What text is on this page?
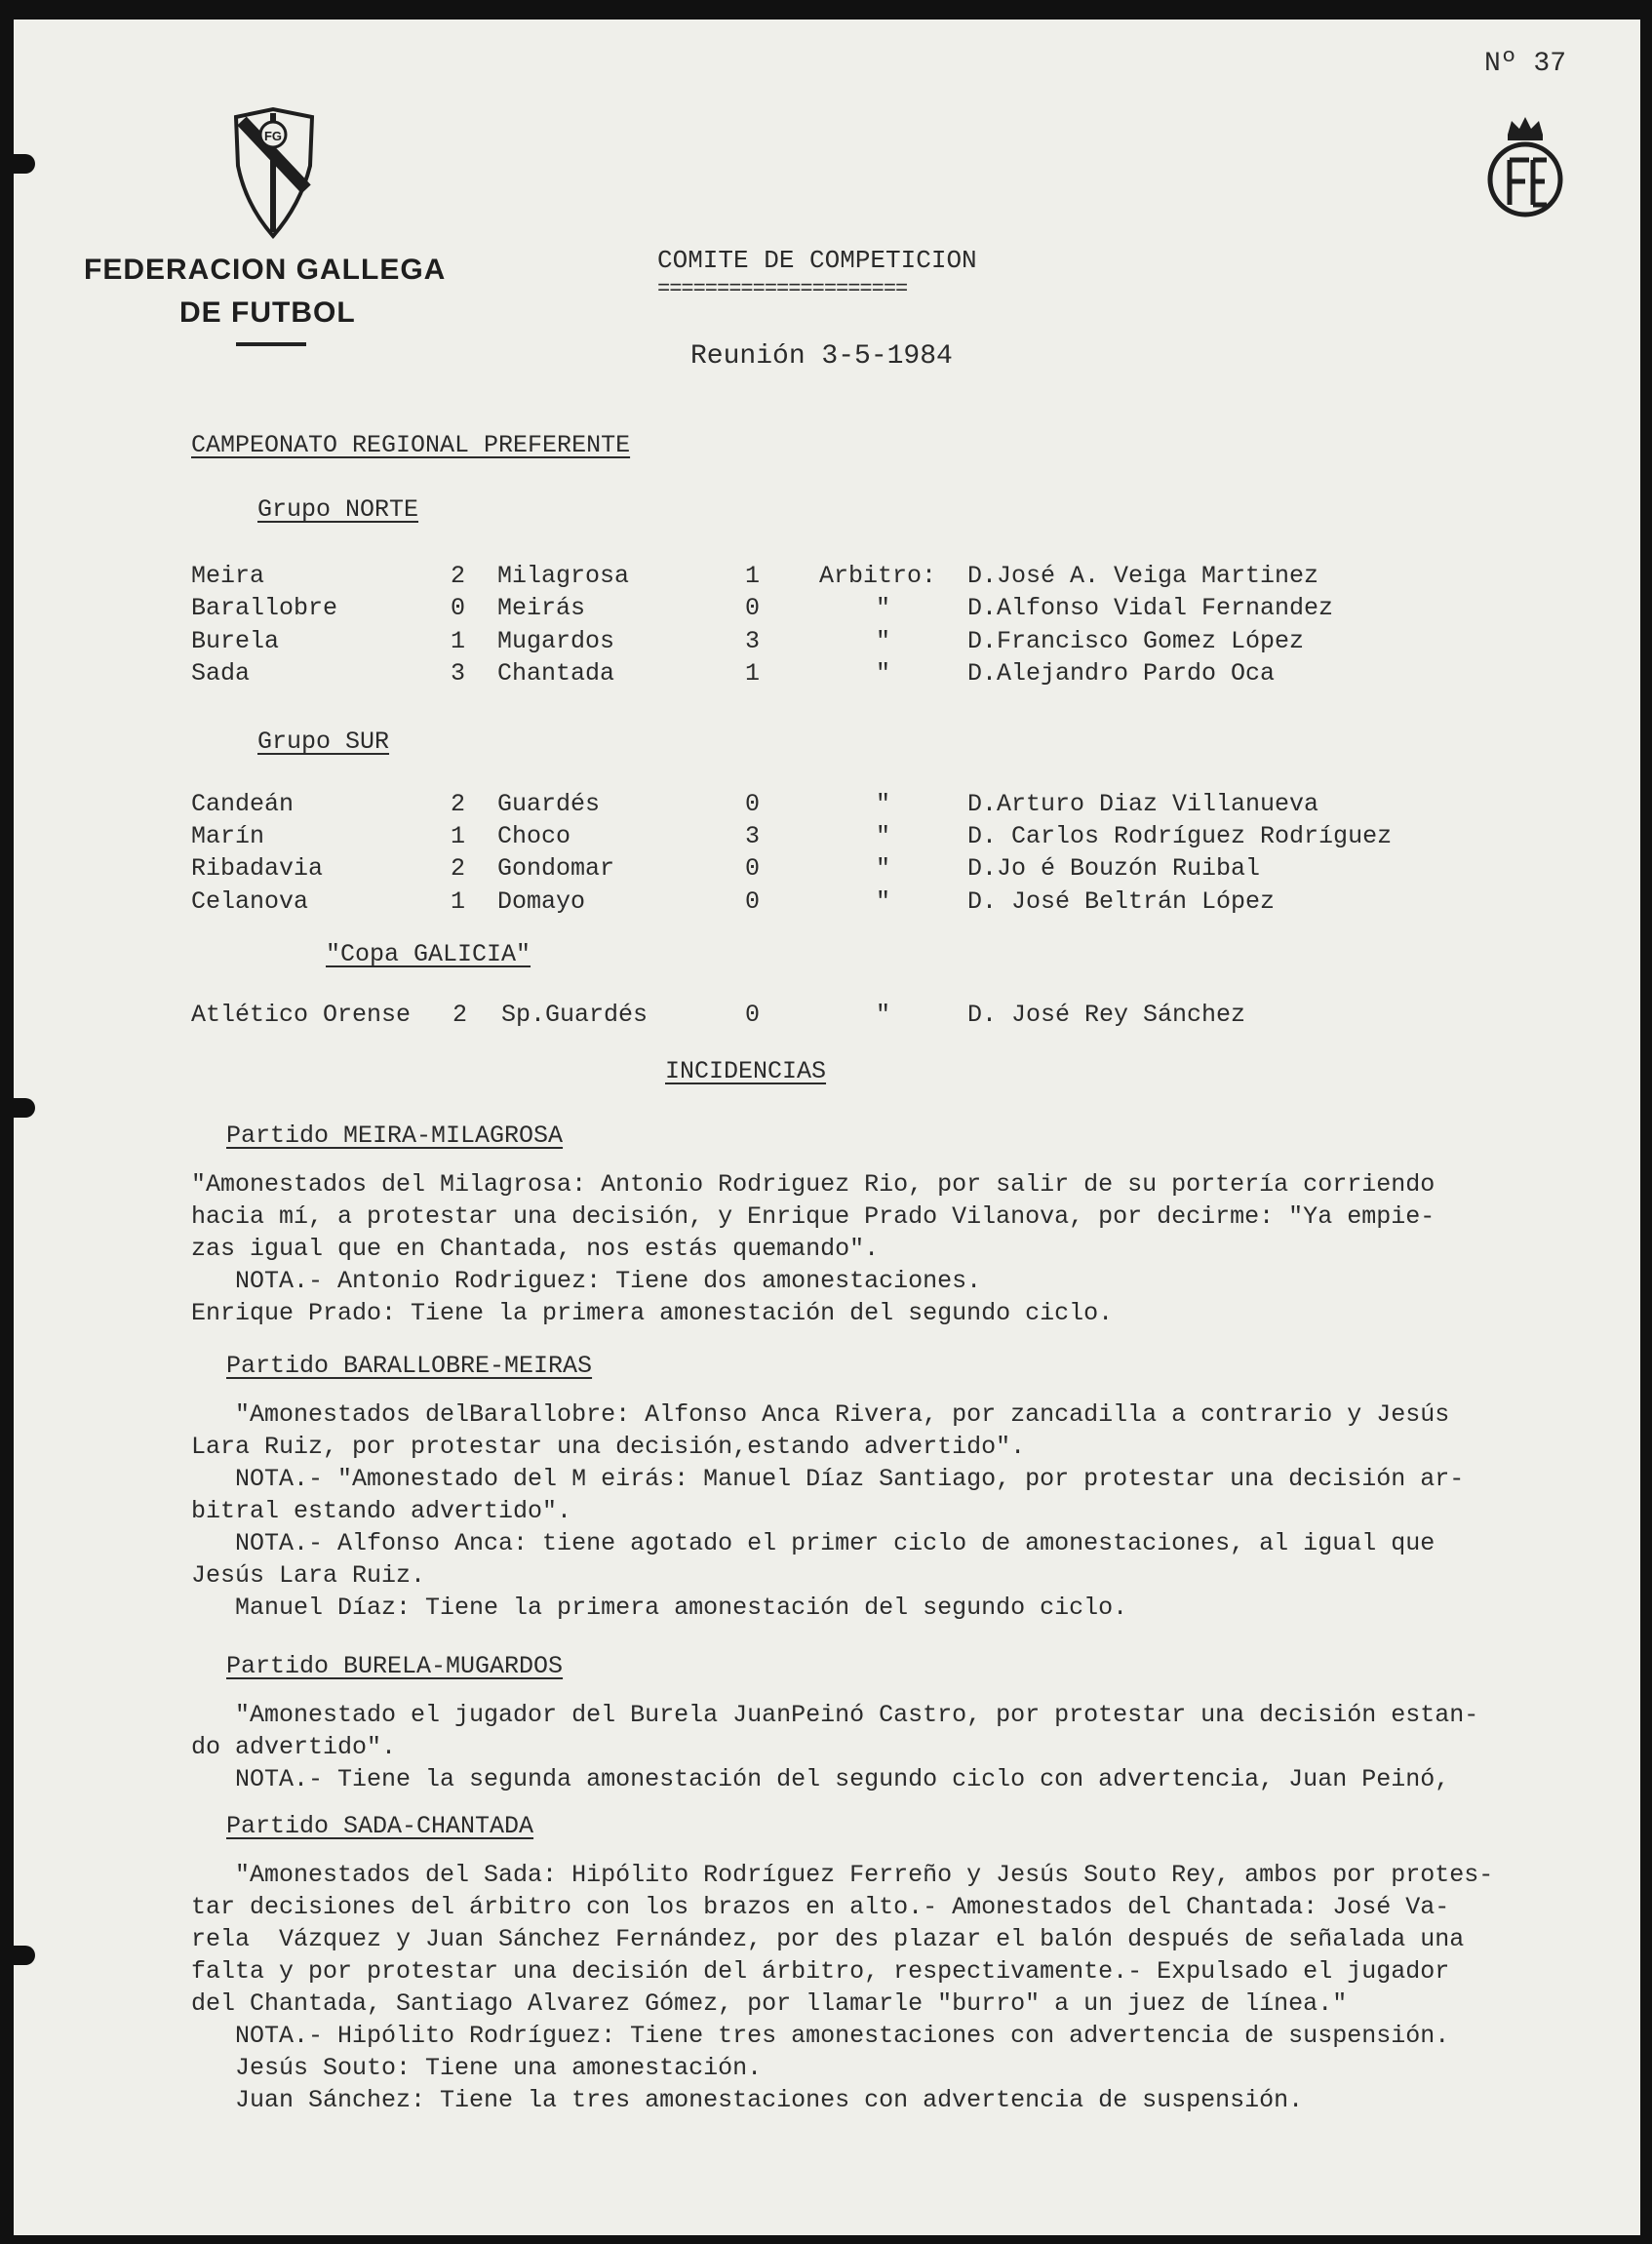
Nº 37
FG
FEDERACION GALLEGA
DE FUTBOL
COMITE DE COMPETICION
=====================
Reunión 3-5-1984
CAMPEONATO REGIONAL PREFERENTE
Grupo NORTE
Meira	2 Milagrosa	1 Arbitro: D.José A. Veiga Martinez
Barallobre	0 Meirás	0	"	D.Alfonso Vidal Fernandez
Burela	1 Mugardos	3	"	D.Francisco Gomez López
Sada	3 Chantada	1	"	D.Alejandro Pardo Oca
Grupo SUR
Candeán	2 Guardés	0	"	D.Arturo Diaz Villanueva
Marín	1 Choco	3	"	D. Carlos Rodríguez Rodríguez
Ribadavia	2 Gondomar	0	"	D.Jo é Bouzón Ruibal
Celanova	1 Domayo	0	"	D. José Beltrán López
"Copa GALICIA"
Atlético Orense 2 Sp.Guardés	0	"	D. José Rey Sánchez
INCIDENCIAS
Partido MEIRA-MILAGROSA
"Amonestados del Milagrosa: Antonio Rodriguez Rio, por salir de su portería corriendo
hacia mí, a protestar una decisión, y Enrique Prado Vilanova, por decirme: "Ya empie-
zas igual que en Chantada, nos estás quemando".
NOTA.- Antonio Rodriguez: Tiene dos amonestaciones.
Enrique Prado: Tiene la primera amonestación del segundo ciclo.
Partido BARALLOBRE-MEIRAS
"Amonestados delBarallobre: Alfonso Anca Rivera, por zancadilla a contrario y Jesús
Lara Ruiz, por protestar una decisión,estando advertido".
NOTA.- "Amonestado del M eirás: Manuel Díaz Santiago, por protestar una decisión ar-
bitral estando advertido".
NOTA.- Alfonso Anca: tiene agotado el primer ciclo de amonestaciones, al igual que
Jesús Lara Ruiz.
Manuel Díaz: Tiene la primera amonestación del segundo ciclo.
Partido BURELA-MUGARDOS
"Amonestado el jugador del Burela JuanPeinó Castro, por protestar una decisión estan-
do advertido".
NOTA.- Tiene la segunda amonestación del segundo ciclo con advertencia, Juan Peinó,
Partido SADA-CHANTADA
"Amonestados del Sada: Hipólito Rodríguez Ferreño y Jesús Souto Rey, ambos por protes-
tar decisiones del árbitro con los brazos en alto.- Amonestados del Chantada: José Va-
rela  Vázquez y Juan Sánchez Fernández, por des plazar el balón después de señalada una
falta y por protestar una decisión del árbitro, respectivamente.- Expulsado el jugador
del Chantada, Santiago Alvarez Gómez, por llamarle "burro" a un juez de línea."
NOTA.- Hipólito Rodríguez: Tiene tres amonestaciones con advertencia de suspensión.
Jesús Souto: Tiene una amonestación.
Juan Sánchez: Tiene la tres amonestaciones con advertencia de suspensión.
